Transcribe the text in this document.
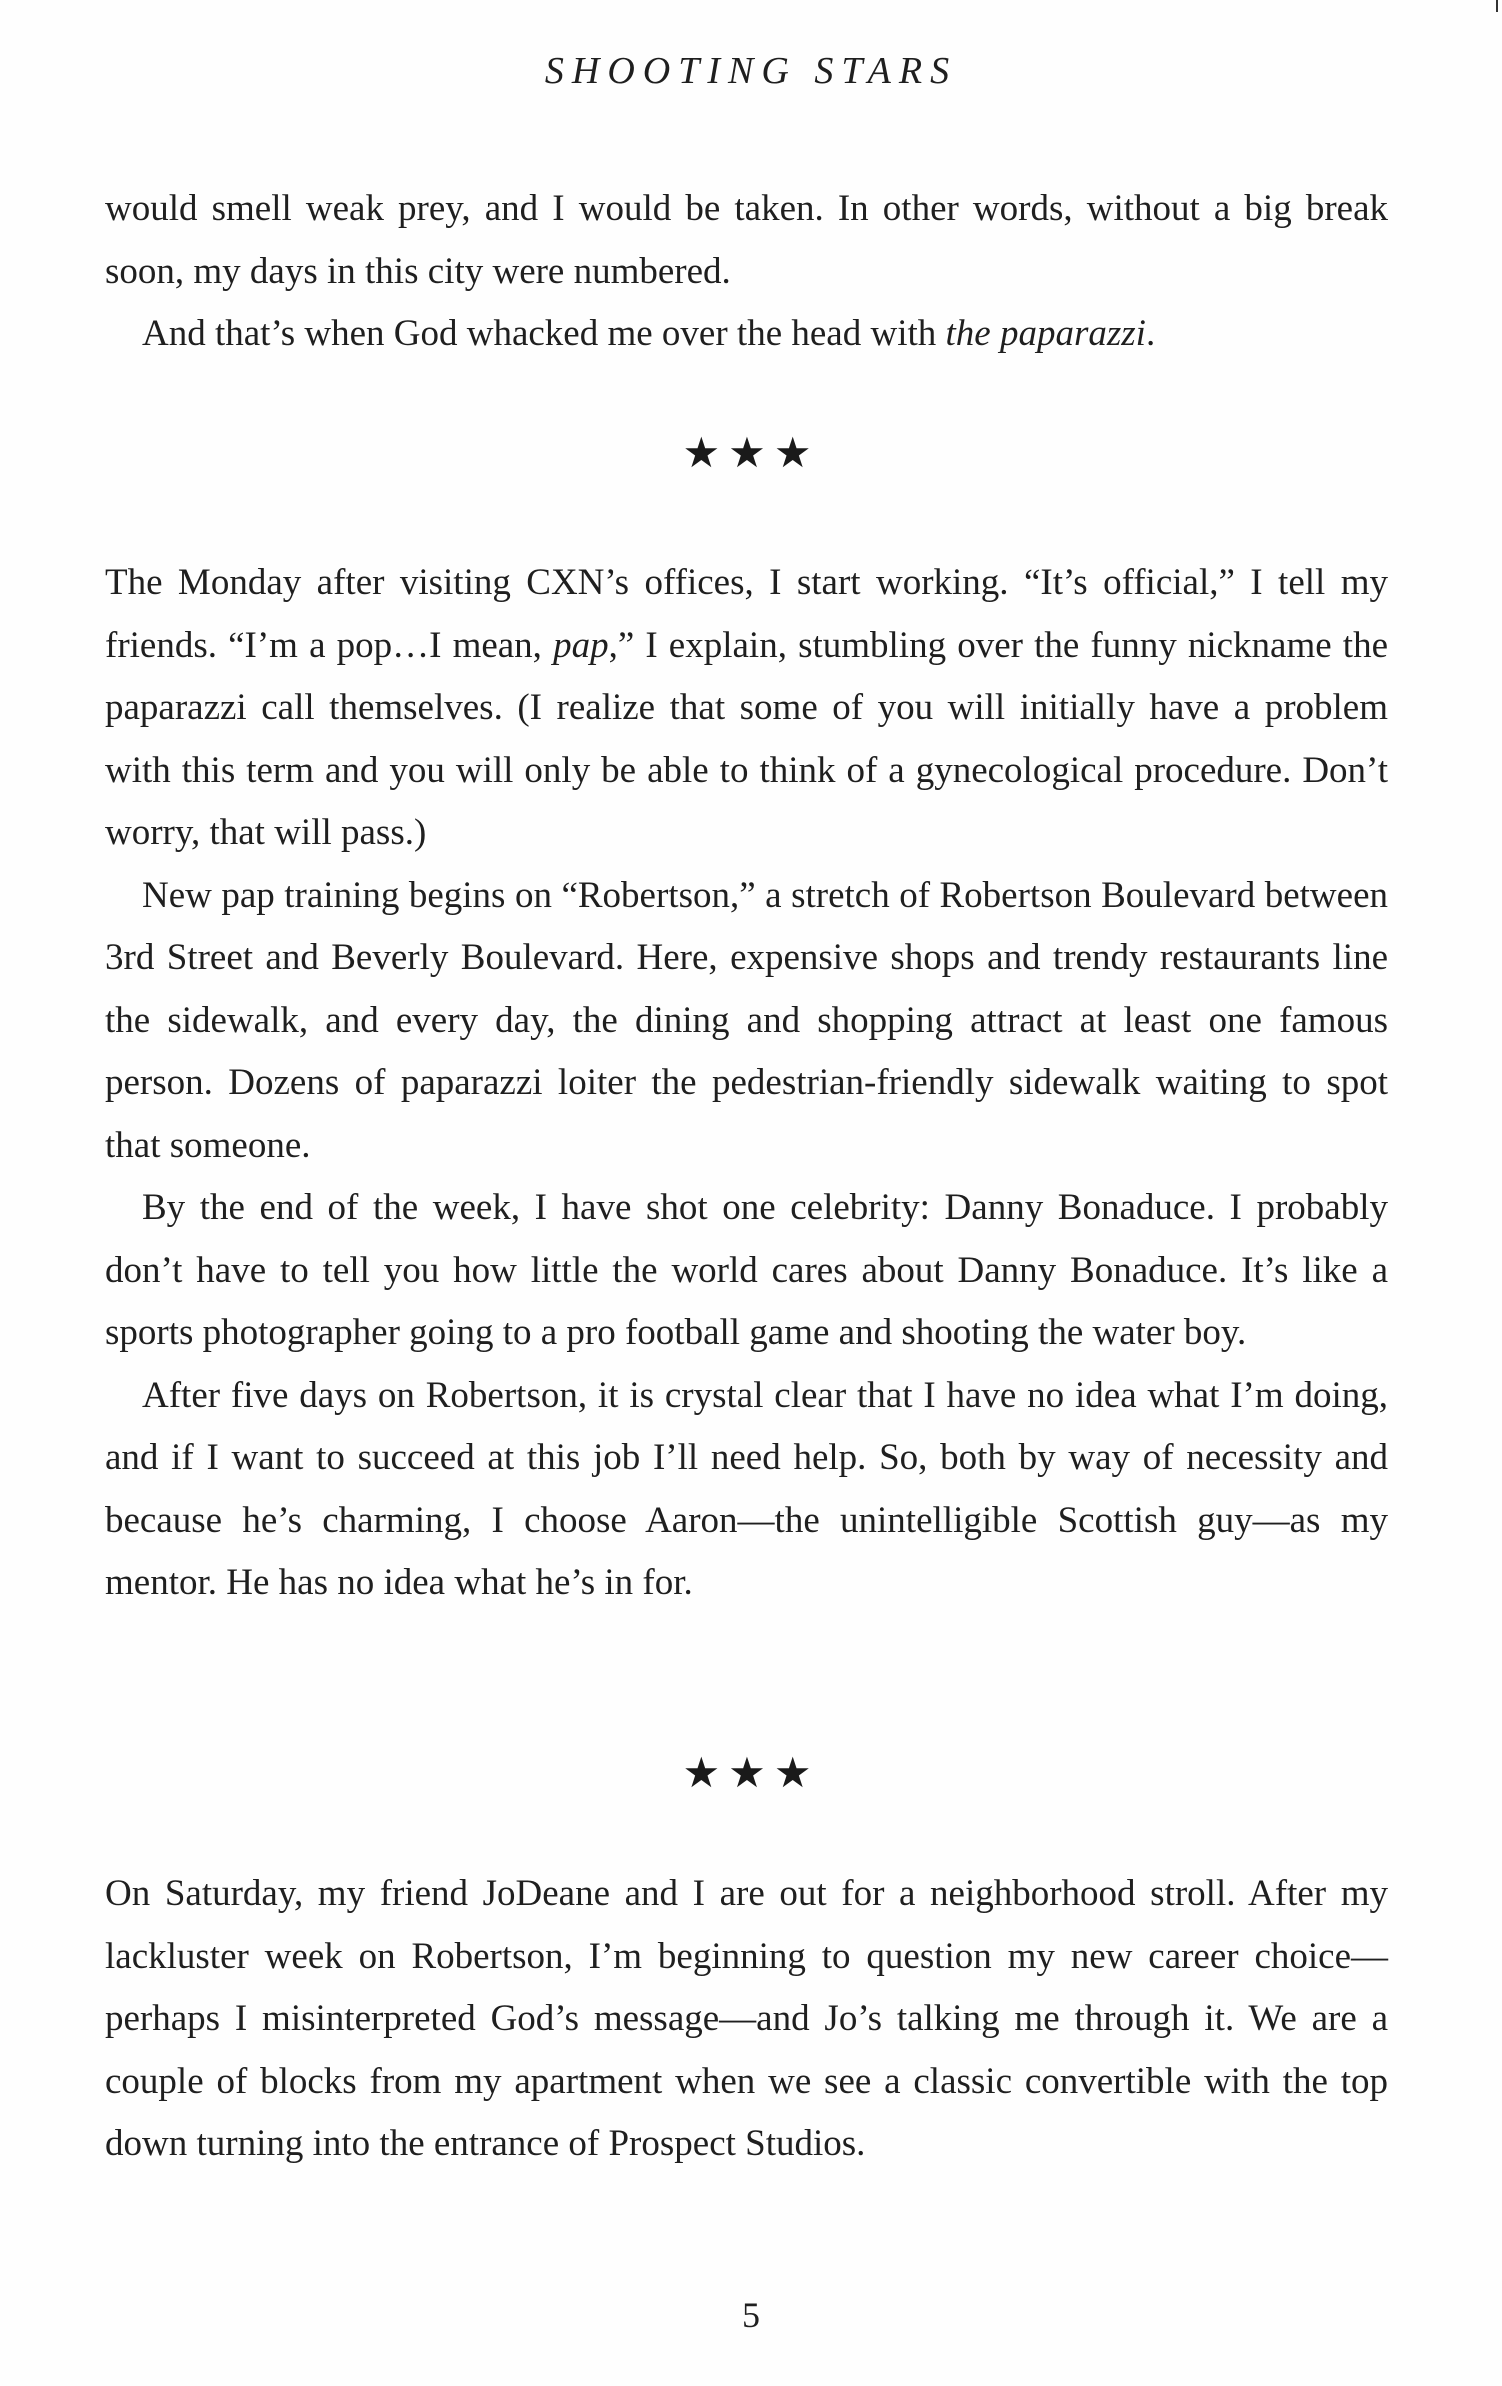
SHOOTING STARS

would smell weak prey, and I would be taken. In other words, without a big break soon, my days in this city were numbered.

And that’s when God whacked me over the head with the paparazzi.

★★★

The Monday after visiting CXN’s offices, I start working. “It’s official,” I tell my friends. “I’m a pop…I mean, pap,” I explain, stumbling over the funny nickname the paparazzi call themselves. (I realize that some of you will initially have a problem with this term and you will only be able to think of a gynecological procedure. Don’t worry, that will pass.)

New pap training begins on “Robertson,” a stretch of Robertson Boulevard between 3rd Street and Beverly Boulevard. Here, expensive shops and trendy restaurants line the sidewalk, and every day, the dining and shopping attract at least one famous person. Dozens of paparazzi loiter the pedestrian-friendly sidewalk waiting to spot that someone.

By the end of the week, I have shot one celebrity: Danny Bonaduce. I probably don’t have to tell you how little the world cares about Danny Bonaduce. It’s like a sports photographer going to a pro football game and shooting the water boy.

After five days on Robertson, it is crystal clear that I have no idea what I’m doing, and if I want to succeed at this job I’ll need help. So, both by way of necessity and because he’s charming, I choose Aaron—the unintelligible Scottish guy—as my mentor. He has no idea what he’s in for.

★★★

On Saturday, my friend JoDeane and I are out for a neighborhood stroll. After my lackluster week on Robertson, I’m beginning to question my new career choice—perhaps I misinterpreted God’s message—and Jo’s talking me through it. We are a couple of blocks from my apartment when we see a classic convertible with the top down turning into the entrance of Prospect Studios.

5
